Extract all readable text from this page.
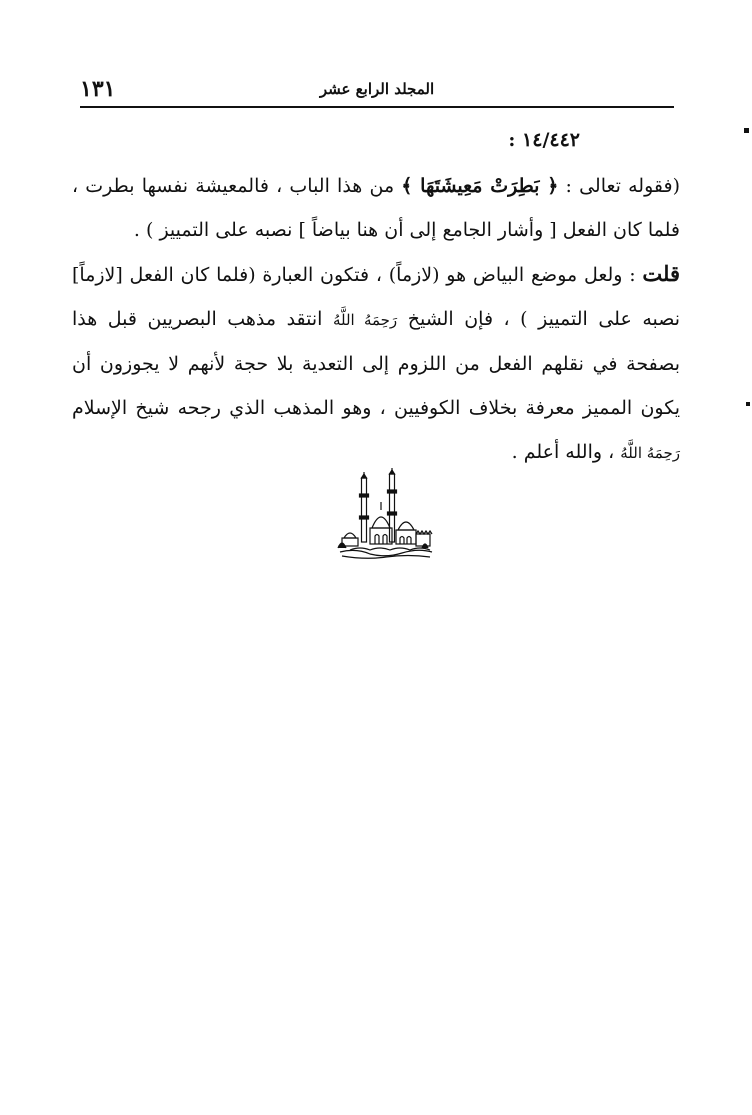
١٣١	المجلد الرابع عشر
١٤/٤٤٢ :

(فقوله تعالى : ﴿ بَطِرَتْ مَعِيشَتَهَا ﴾ من هذا الباب ، فالمعيشة نفسها بطرت ، فلما كان الفعل [ وأشار الجامع إلى أن هنا بياضاً ] نصبه على التمييز ) .

قلت : ولعل موضع البياض هو (لازماً) ، فتكون العبارة (فلما كان الفعل [لازماً] نصبه على التمييز ) ، فإن الشيخ رَحِمَهُ اللَّهُ انتقد مذهب البصريين قبل هذا بصفحة في نقلهم الفعل من اللزوم إلى التعدية بلا حجة لأنهم لا يجوزون أن يكون المميز معرفة بخلاف الكوفيين ، وهو المذهب الذي رجحه شيخ الإسلام رَحِمَهُ اللَّهُ ، والله أعلم .
